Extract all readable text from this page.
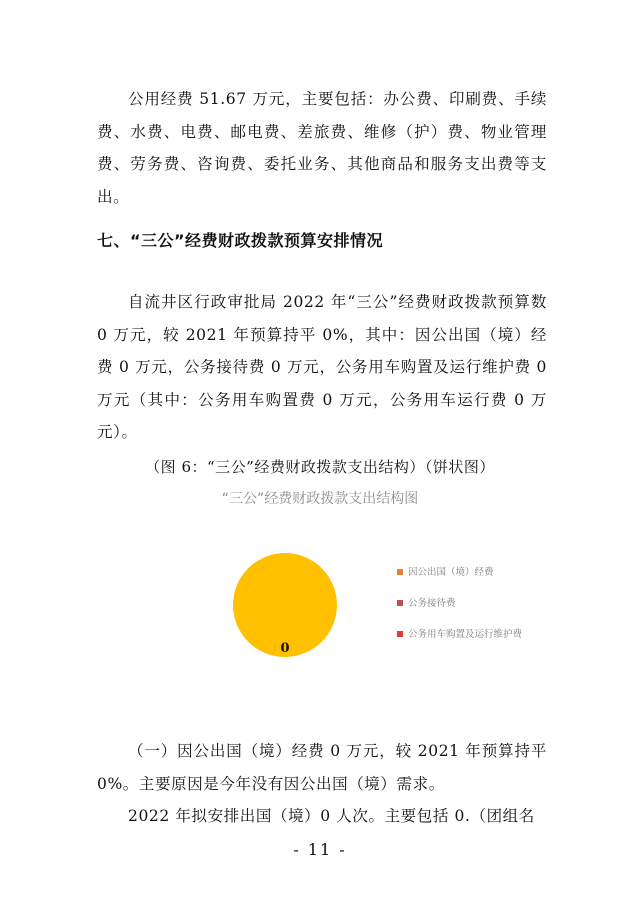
公用经费 51.67 万元，主要包括：办公费、印刷费、手续费、水费、电费、邮电费、差旅费、维修（护）费、物业管理费、劳务费、咨询费、委托业务、其他商品和服务支出费等支出。

七、“三公”经费财政拨款预算安排情况

自流井区行政审批局 2022 年“三公”经费财政拨款预算数 0 万元，较 2021 年预算持平 0%，其中：因公出国（境）经费 0 万元，公务接待费 0 万元，公务用车购置及运行维护费 0 万元（其中：公务用车购置费 0 万元，公务用车运行费 0 万元）。

（图 6：“三公”经费财政拨款支出结构）（饼状图）

“三公”经费财政拨款支出结构图
0
因公出国（境）经费
公务接待费
公务用车购置及运行维护费

（一）因公出国（境）经费 0 万元，较 2021 年预算持平 0%。主要原因是今年没有因公出国（境）需求。

2022 年拟安排出国（境）0 人次。主要包括 0.（团组名

- 11 -
